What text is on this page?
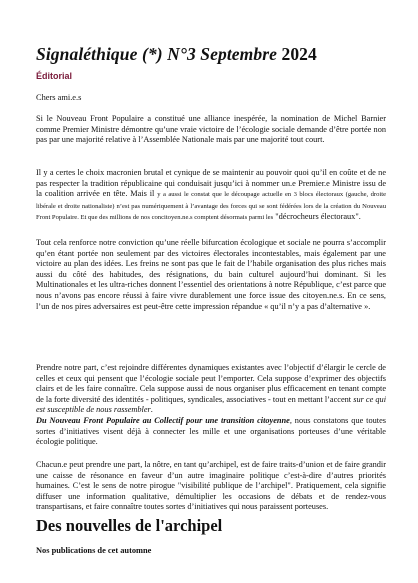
Signaléthique (*) N°3 Septembre 2024
Éditorial
Chers ami.e.s
Si le Nouveau Front Populaire a constitué une alliance inespérée, la nomination de Michel Barnier comme Premier Ministre démontre qu’une vraie victoire de l’écologie sociale demande d’être portée non pas par une majorité relative à l’Assemblée Nationale mais par une majorité tout court.
Il y a certes le choix macronien brutal et cynique de se maintenir au pouvoir quoi qu’il en coûte et de ne pas respecter la tradition républicaine qui conduisait jusqu’ici à nommer un.e Premier.e Ministre issu de la coalition arrivée en tête. Mais il y a aussi le constat que le découpage actuelle en 3 blocs électoraux (gauche, droite libérale et droite nationaliste) n’est pas numériquement à l’avantage des forces qui se sont fédérées lors de la création du Nouveau Front Populaire. Et que des millions de nos concitoyen.ne.s comptent désormais parmi les "décrocheurs électoraux".
Tout cela renforce notre conviction qu’une réelle bifurcation écologique et sociale ne pourra s’accomplir qu’en étant portée non seulement par des victoires électorales incontestables, mais également par une victoire au plan des idées. Les freins ne sont pas que le fait de l’habile organisation des plus riches mais aussi du côté des habitudes, des résignations, du bain culturel aujourd’hui dominant. Si les Multinationales et les ultra-riches donnent l’essentiel des orientations à notre République, c’est parce que nous n’avons pas encore réussi à faire vivre durablement une force issue des citoyen.ne.s. En ce sens, l’un de nos pires adversaires est peut-être cette impression répandue « qu’il n’y a pas d’alternative ».
Prendre notre part, c’est rejoindre différentes dynamiques existantes avec l’objectif d’élargir le cercle de celles et ceux qui pensent que l’écologie sociale peut l’emporter. Cela suppose d’exprimer des objectifs clairs et de les faire connaître. Cela suppose aussi de nous organiser plus efficacement en tenant compte de la forte diversité des identités - politiques, syndicales, associatives - tout en mettant l’accent sur ce qui est susceptible de nous rassembler.
Du Nouveau Front Populaire au Collectif pour une transition citoyenne, nous constatons que toutes sortes d’initiatives visent déjà à connecter les mille et une organisations porteuses d’une véritable écologie politique.
Chacun.e peut prendre une part, la nôtre, en tant qu’archipel, est de faire traits-d’union et de faire grandir une caisse de résonance en faveur d’un autre imaginaire politique c’est-à-dire d’autres priorités humaines. C’est le sens de notre pirogue "visibilité publique de l’archipel". Pratiquement, cela signifie diffuser une information qualitative, démultiplier les occasions de débats et de rendez-vous transpartisans, et faire connaître toutes sortes d’initiatives qui nous paraissent porteuses.
Des nouvelles de l'archipel
Nos publications de cet automne
